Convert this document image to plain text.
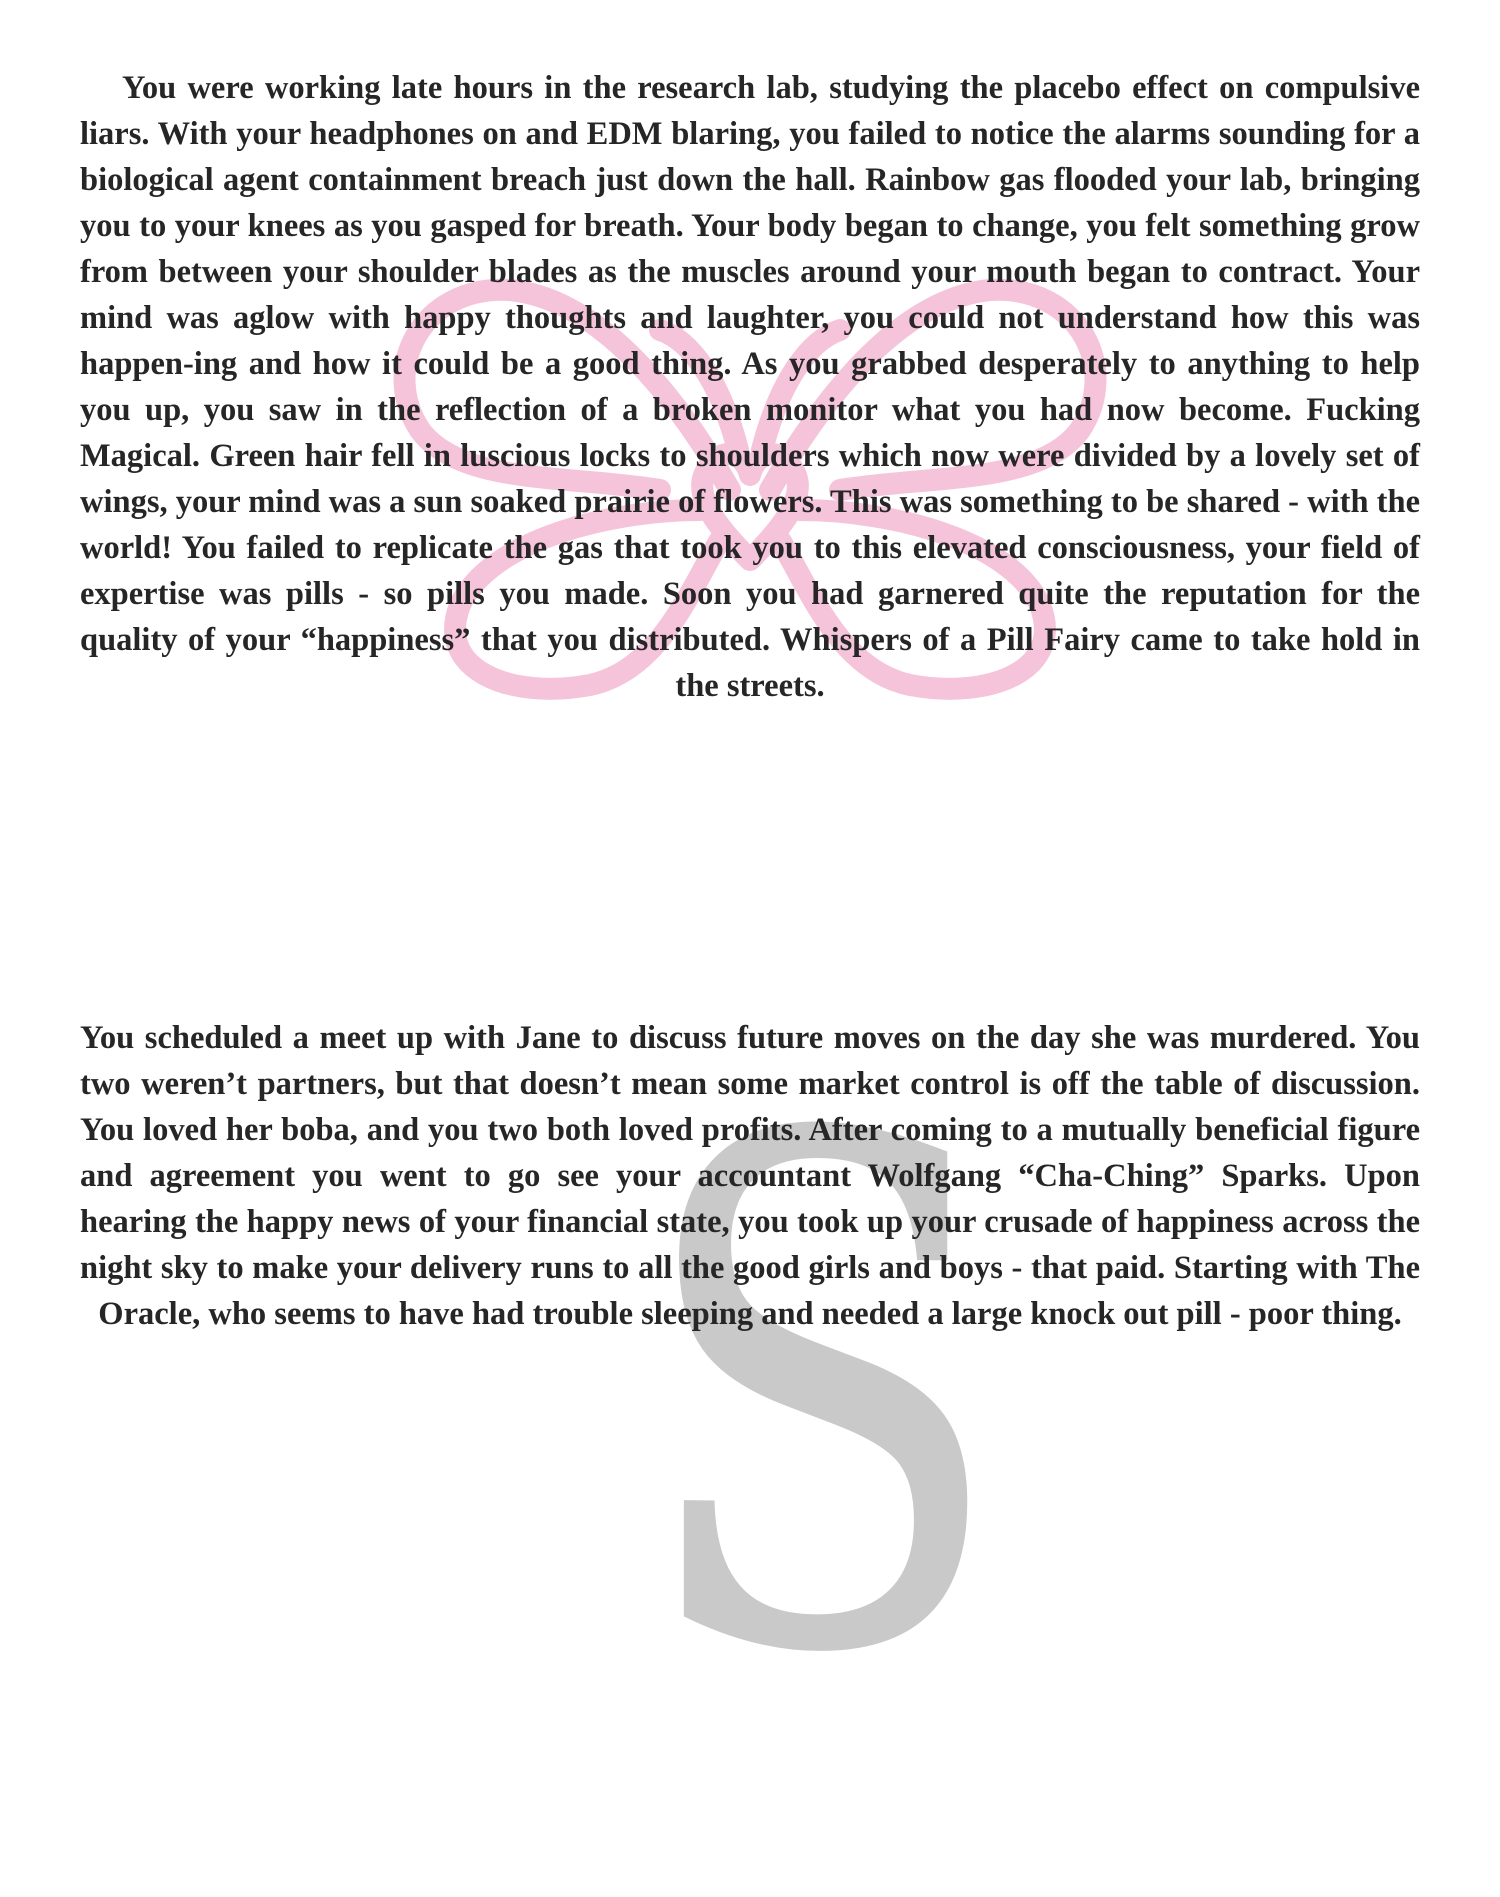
S

You were working late hours in the research lab, studying the placebo effect on compulsive liars. With your headphones on and EDM blaring, you failed to notice the alarms sounding for a biological agent containment breach just down the hall. Rainbow gas flooded your lab, bringing you to your knees as you gasped for breath. Your body began to change, you felt something grow from between your shoulder blades as the muscles around your mouth began to contract. Your mind was aglow with happy thoughts and laughter, you could not understand how this was happen-ing and how it could be a good thing. As you grabbed desperately to anything to help you up, you saw in the reflection of a broken monitor what you had now become. Fucking Magical. Green hair fell in luscious locks to shoulders which now were divided by a lovely set of wings, your mind was a sun soaked prairie of flowers. This was something to be shared - with the world! You failed to replicate the gas that took you to this elevated consciousness, your field of expertise was pills - so pills you made. Soon you had garnered quite the reputation for the quality of your “happiness” that you distributed. Whispers of a Pill Fairy came to take hold in the streets.

You scheduled a meet up with Jane to discuss future moves on the day she was murdered. You two weren’t partners, but that doesn’t mean some market control is off the table of discussion. You loved her boba, and you two both loved profits. After coming to a mutually beneficial figure and agreement you went to go see your accountant Wolfgang “Cha-Ching” Sparks. Upon hearing the happy news of your financial state, you took up your crusade of happiness across the night sky to make your delivery runs to all the good girls and boys - that paid. Starting with The Oracle, who seems to have had trouble sleeping and needed a large knock out pill - poor thing.
